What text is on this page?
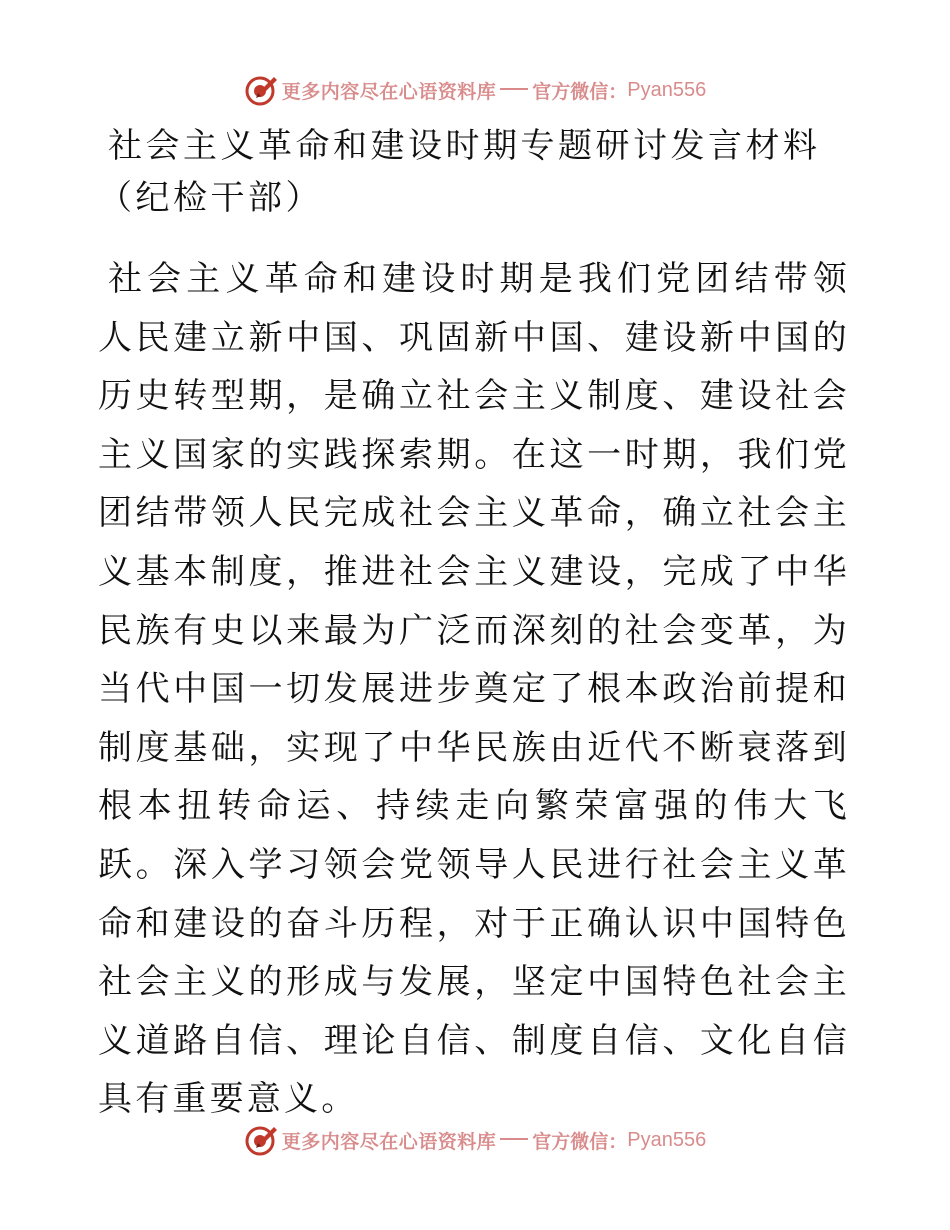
更多内容尽在心语资料库 官方微信： Pyan556
社会主义革命和建设时期专题研讨发言材料（纪检干部）

社会主义革命和建设时期是我们党团结带领人民建立新中国、巩固新中国、建设新中国的历史转型期，是确立社会主义制度、建设社会主义国家的实践探索期。在这一时期，我们党团结带领人民完成社会主义革命，确立社会主义基本制度，推进社会主义建设，完成了中华民族有史以来最为广泛而深刻的社会变革，为当代中国一切发展进步奠定了根本政治前提和制度基础，实现了中华民族由近代不断衰落到根本扭转命运、持续走向繁荣富强的伟大飞跃。深入学习领会党领导人民进行社会主义革命和建设的奋斗历程，对于正确认识中国特色社会主义的形成与发展，坚定中国特色社会主义道路自信、理论自信、制度自信、文化自信具有重要意义。

更多内容尽在心语资料库 官方微信： Pyan556
